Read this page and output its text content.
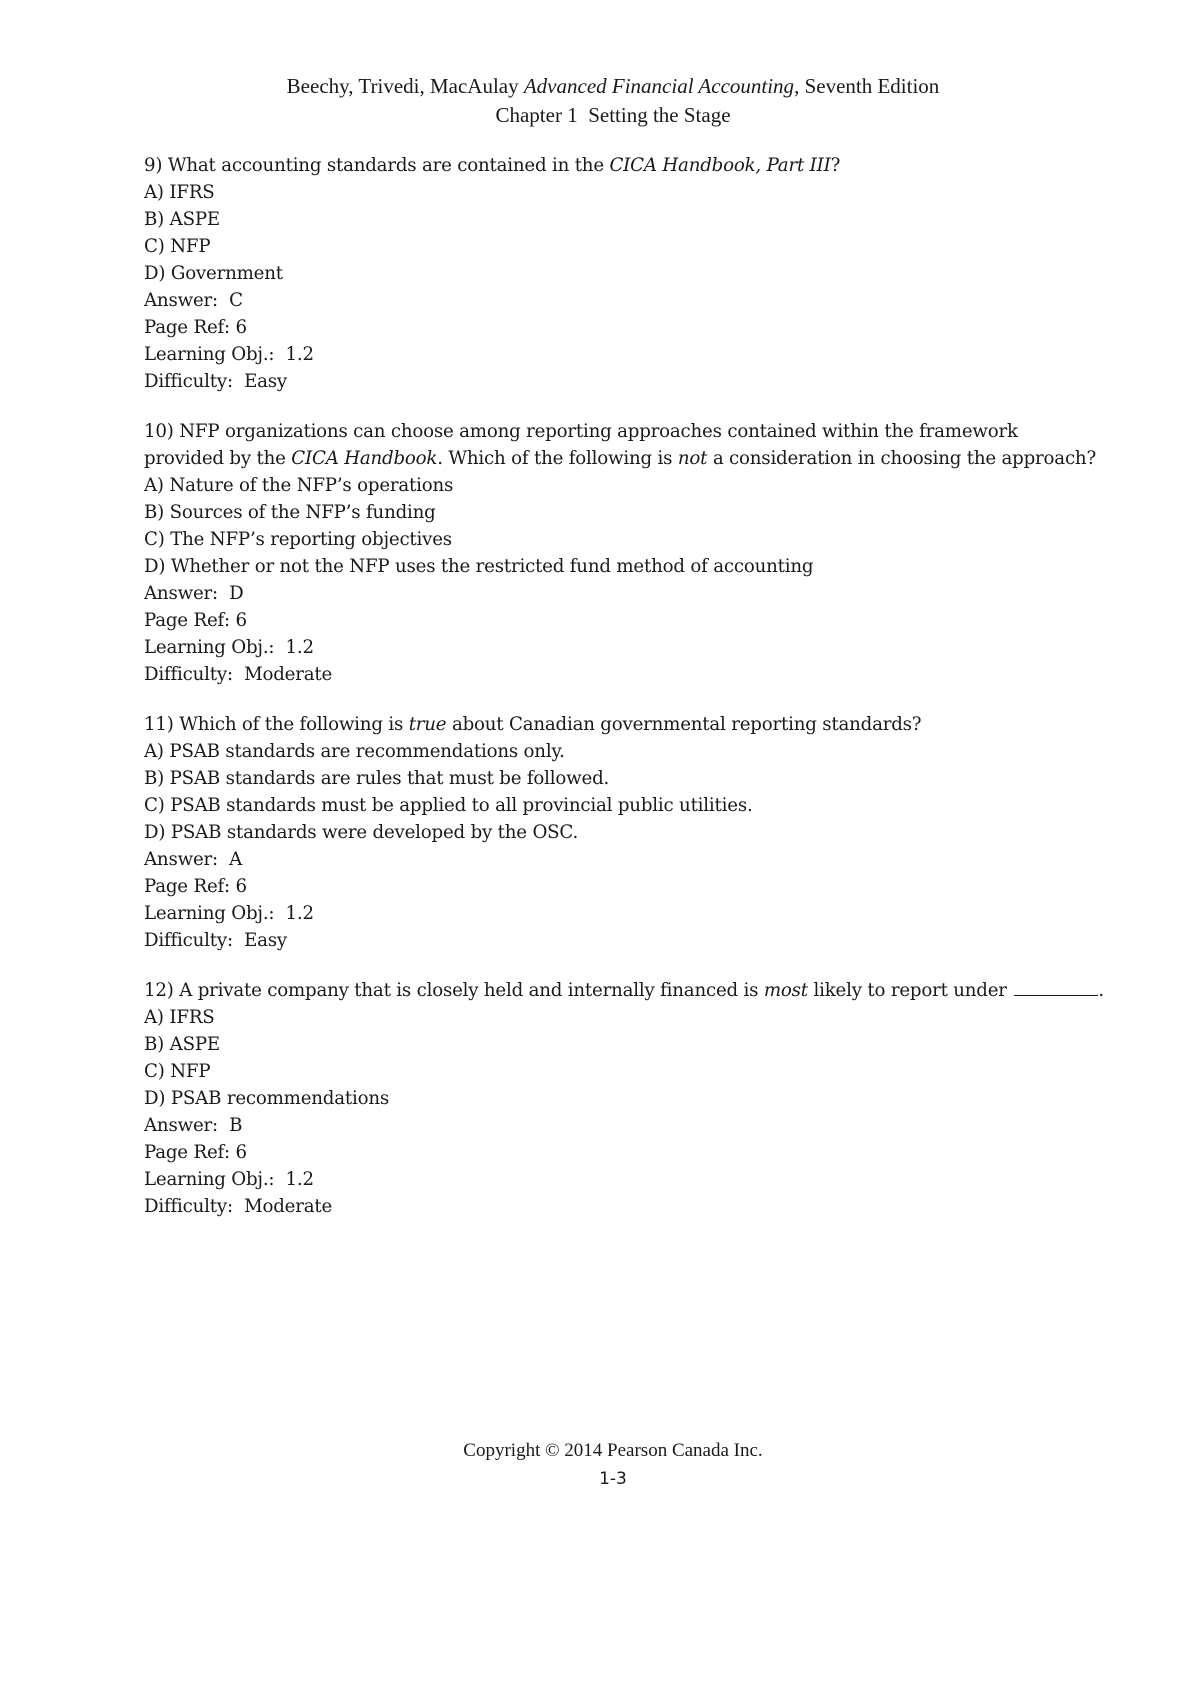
Beechy, Trivedi, MacAulay Advanced Financial Accounting, Seventh Edition
Chapter 1  Setting the Stage
9) What accounting standards are contained in the CICA Handbook, Part III?
A) IFRS
B) ASPE
C) NFP
D) Government
Answer:  C
Page Ref: 6
Learning Obj.:  1.2
Difficulty:  Easy
10) NFP organizations can choose among reporting approaches contained within the framework
provided by the CICA Handbook. Which of the following is not a consideration in choosing the approach?
A) Nature of the NFP’s operations
B) Sources of the NFP’s funding
C) The NFP’s reporting objectives
D) Whether or not the NFP uses the restricted fund method of accounting
Answer:  D
Page Ref: 6
Learning Obj.:  1.2
Difficulty:  Moderate
11) Which of the following is true about Canadian governmental reporting standards?
A) PSAB standards are recommendations only.
B) PSAB standards are rules that must be followed.
C) PSAB standards must be applied to all provincial public utilities.
D) PSAB standards were developed by the OSC.
Answer:  A
Page Ref: 6
Learning Obj.:  1.2
Difficulty:  Easy
12) A private company that is closely held and internally financed is most likely to report under	.
A) IFRS
B) ASPE
C) NFP
D) PSAB recommendations
Answer:  B
Page Ref: 6
Learning Obj.:  1.2
Difficulty:  Moderate
Copyright © 2014 Pearson Canada Inc.
1-3
